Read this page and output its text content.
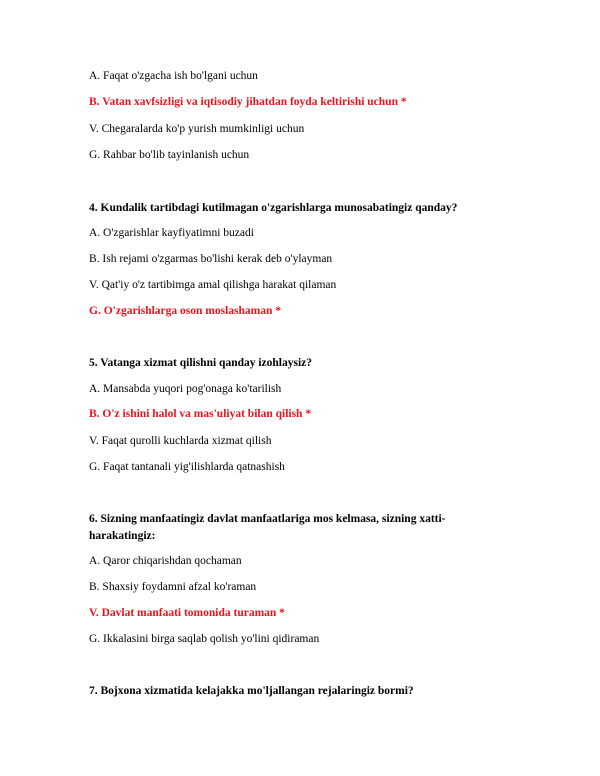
A. Faqat o'zgacha ish bo'lgani uchun
B. Vatan xavfsizligi va iqtisodiy jihatdan foyda keltirishi uchun *
V. Chegaralarda ko'p yurish mumkinligi uchun
G. Rahbar bo'lib tayinlanish uchun
4. Kundalik tartibdagi kutilmagan o'zgarishlarga munosabatingiz qanday?
A. O'zgarishlar kayfiyatimni buzadi
B. Ish rejami o'zgarmas bo'lishi kerak deb o'ylayman
V. Qat'iy o'z tartibimga amal qilishga harakat qilaman
G. O'zgarishlarga oson moslashaman *
5. Vatanga xizmat qilishni qanday izohlaysiz?
A. Mansabda yuqori pog'onaga ko'tarilish
B. O'z ishini halol va mas'uliyat bilan qilish *
V. Faqat qurolli kuchlarda xizmat qilish
G. Faqat tantanali yig'ilishlarda qatnashish
6. Sizning manfaatingiz davlat manfaatlariga mos kelmasa, sizning xatti-
harakatingiz:
A. Qaror chiqarishdan qochaman
B. Shaxsiy foydamni afzal ko'raman
V. Davlat manfaati tomonida turaman *
G. Ikkalasini birga saqlab qolish yo'lini qidiraman
7. Bojxona xizmatida kelajakka mo'ljallangan rejalaringiz bormi?
